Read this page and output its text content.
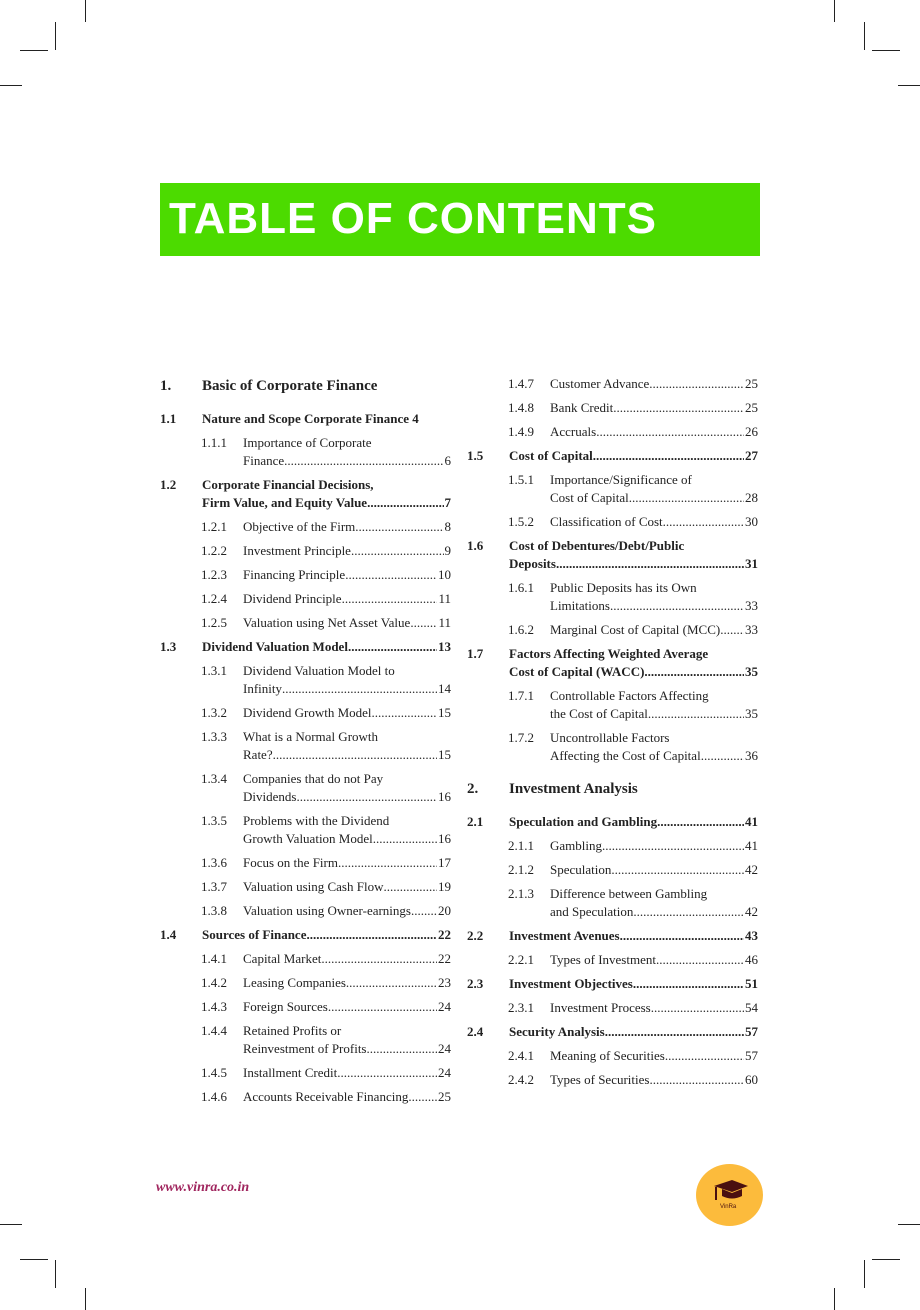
TABLE OF CONTENTS
1. Basic of Corporate Finance
1.1 Nature and Scope Corporate Finance 4
1.1.1 Importance of Corporate
Finance .....	6
1.2 Corporate Financial Decisions,
Firm Value, and Equity Value .....	7
1.2.1 Objective of the Firm .....	8
1.2.2 Investment Principle .....	9
1.2.3 Financing Principle .....	10
1.2.4 Dividend Principle .....	11
1.2.5 Valuation using Net Asset Value ..... 11
1.3 Dividend Valuation Model .....	13
1.3.1 Dividend Valuation Model to
Infinity .....	14
1.3.2 Dividend Growth Model .....	15
1.3.3 What is a Normal Growth
Rate? .....	15
1.3.4 Companies that do not Pay
Dividends .....	16
1.3.5 Problems with the Dividend
Growth Valuation Model .....	16
1.3.6 Focus on the Firm .....	17
1.3.7 Valuation using Cash Flow .....	19
1.3.8 Valuation using Owner-earnings ..... 20
1.4 Sources of Finance .....	22
1.4.1 Capital Market .....	22
1.4.2 Leasing Companies .....	23
1.4.3 Foreign Sources .....	24
1.4.4 Retained Profits or
Reinvestment of Profits .....	24
1.4.5 Installment Credit .....	24
1.4.6 Accounts Receivable Financing ..... 25
1.4.7 Customer Advance .....	25
1.4.8 Bank Credit .....	25
1.4.9 Accruals .....	26
1.5 Cost of Capital .....	27
1.5.1 Importance/Significance of
Cost of Capital .....	28
1.5.2 Classification of Cost .....	30
1.6 Cost of Debentures/Debt/Public
Deposits .....	31
1.6.1 Public Deposits has its Own
Limitations .....	33
1.6.2 Marginal Cost of Capital (MCC) ..... 33
1.7 Factors Affecting Weighted Average
Cost of Capital (WACC) .....	35
1.7.1 Controllable Factors Affecting
the Cost of Capital .....	35
1.7.2 Uncontrollable Factors
Affecting the Cost of Capital .....	36
2. Investment Analysis
2.1 Speculation and Gambling .....	41
2.1.1 Gambling .....	41
2.1.2 Speculation .....	42
2.1.3 Difference between Gambling
and Speculation .....	42
2.2 Investment Avenues .....	43
2.2.1 Types of Investment .....	46
2.3 Investment Objectives .....	51
2.3.1 Investment Process .....	54
2.4 Security Analysis .....	57
2.4.1 Meaning of Securities .....	57
2.4.2 Types of Securities .....	60
www.vinra.co.in
VinRa
